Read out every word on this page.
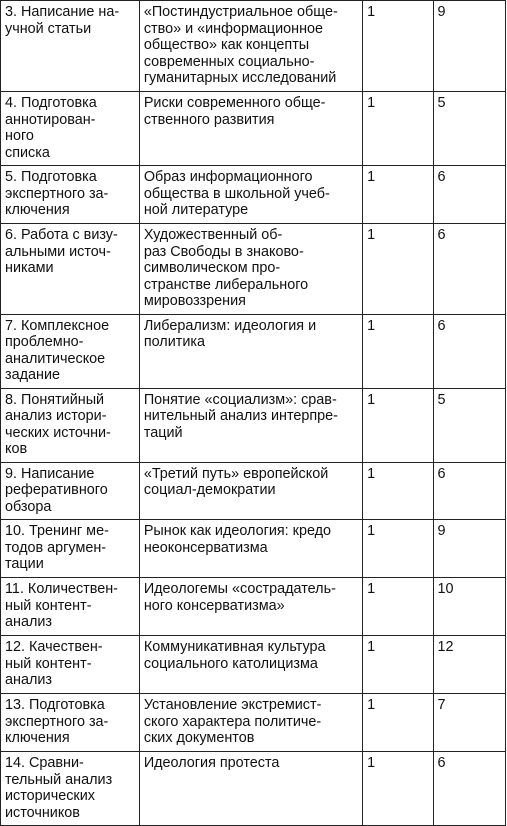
3. Написание на-
учной статьи	«Постиндустриальное обще-
ство» и «информационное
общество» как концепты
современных социально-
гуманитарных исследований	1	9

4. Подготовка
аннотирован-
ного
списка	Риски современного обще-
ственного развития	1	5

5. Подготовка
экспертного за-
ключения	Образ информационного
общества в школьной учеб-
ной литературе	1	6

6. Работа с визу-
альными источ-
никами	Художественный об-
раз Свободы в знаково-
символическом про-
странстве либерального
мировоззрения	1	6

7. Комплексное
проблемно-
аналитическое
задание	Либерализм: идеология и
политика	1	6

8. Понятийный
анализ истори-
ческих источни-
ков	Понятие «социализм»: срав-
нительный анализ интерпре-
таций	1	5

9. Написание
реферативного
обзора	«Третий путь» европейской
социал-демократии	1	6

10. Тренинг ме-
тодов аргумен-
тации	Рынок как идеология: кредо
неоконсерватизма	1	9

11. Количествен-
ный контент-
анализ	Идеологемы «сострадатель-
ного консерватизма»	1	10

12. Качествен-
ный контент-
анализ	Коммуникативная культура
социального католицизма	1	12

13. Подготовка
экспертного за-
ключения	Установление экстремист-
ского характера политиче-
ских документов	1	7

14. Сравни-
тельный анализ
исторических
источников	Идеология протеста	1	6
